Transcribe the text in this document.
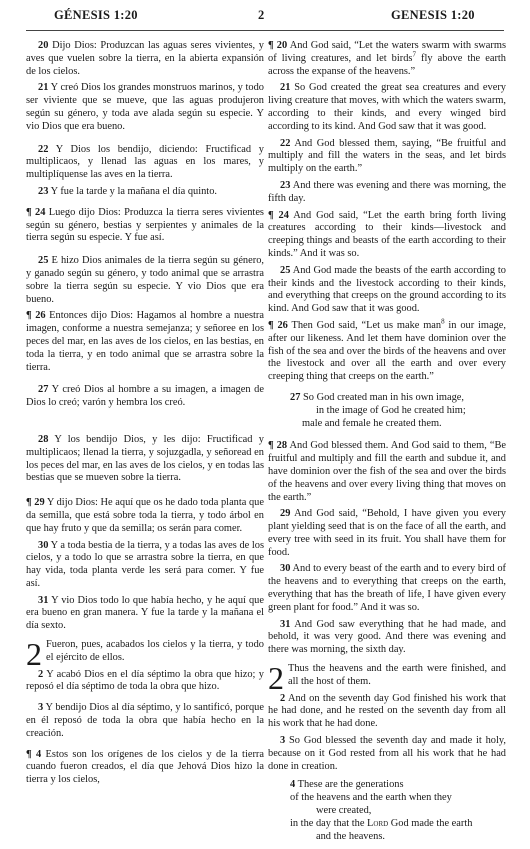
GÉNESIS 1:20	2	GENESIS 1:20

20 Dijo Dios: Produzcan las aguas seres vivientes, y aves que vuelen sobre la tierra, en la abierta expansión de los cielos.

21 Y creó Dios los grandes monstruos marinos, y todo ser viviente que se mueve, que las aguas produjeron según su género, y toda ave alada según su especie. Y vio Dios que era bueno.

22 Y Dios los bendijo, diciendo: Fructificad y multiplicaos, y llenad las aguas en los mares, y multiplíquense las aves en la tierra.

23 Y fue la tarde y la mañana el día quinto.

¶ 24 Luego dijo Dios: Produzca la tierra seres vivientes según su género, bestias y serpientes y animales de la tierra según su especie. Y fue así.

25 E hizo Dios animales de la tierra según su género, y ganado según su género, y todo animal que se arrastra sobre la tierra según su especie. Y vio Dios que era bueno.

¶ 26 Entonces dijo Dios: Hagamos al hombre a nuestra imagen, conforme a nuestra semejanza; y señoree en los peces del mar, en las aves de los cielos, en las bestias, en toda la tierra, y en todo animal que se arrastra sobre la tierra.

27 Y creó Dios al hombre a su imagen, a imagen de Dios lo creó; varón y hembra los creó.

28 Y los bendijo Dios, y les dijo: Fructificad y multiplicaos; llenad la tierra, y sojuzgadla, y señoread en los peces del mar, en las aves de los cielos, y en todas las bestias que se mueven sobre la tierra.

¶ 29 Y dijo Dios: He aquí que os he dado toda planta que da semilla, que está sobre toda la tierra, y todo árbol en que hay fruto y que da semilla; os serán para comer.

30 Y a toda bestia de la tierra, y a todas las aves de los cielos, y a todo lo que se arrastra sobre la tierra, en que hay vida, toda planta verde les será para comer. Y fue así.

31 Y vio Dios todo lo que había hecho, y he aquí que era bueno en gran manera. Y fue la tarde y la mañana el día sexto.

2 Fueron, pues, acabados los cielos y la tierra, y todo el ejército de ellos.

2 Y acabó Dios en el día séptimo la obra que hizo; y reposó el día séptimo de toda la obra que hizo.

3 Y bendijo Dios al día séptimo, y lo santificó, porque en él reposó de toda la obra que había hecho en la creación.

¶ 4 Estos son los orígenes de los cielos y de la tierra cuando fueron creados, el día que Jehová Dios hizo la tierra y los cielos,

¶ 20 And God said, “Let the waters swarm with swarms of living creatures, and let birds$^7$ fly above the earth across the expanse of the heavens.”

21 So God created the great sea creatures and every living creature that moves, with which the waters swarm, according to their kinds, and every winged bird according to its kind. And God saw that it was good.

22 And God blessed them, saying, “Be fruitful and multiply and fill the waters in the seas, and let birds multiply on the earth.”

23 And there was evening and there was morning, the fifth day.

¶ 24 And God said, “Let the earth bring forth living creatures according to their kinds—livestock and creeping things and beasts of the earth according to their kinds.” And it was so.

25 And God made the beasts of the earth according to their kinds and the livestock according to their kinds, and everything that creeps on the ground according to its kind. And God saw that it was good.

¶ 26 Then God said, “Let us make man$^8$ in our image, after our likeness. And let them have dominion over the fish of the sea and over the birds of the heavens and over the livestock and over all the earth and over every creeping thing that creeps on the earth.”

27 So God created man in his own image,
in the image of God he created him;
male and female he created them.

¶ 28 And God blessed them. And God said to them, “Be fruitful and multiply and fill the earth and subdue it, and have dominion over the fish of the sea and over the birds of the heavens and over every living thing that moves on the earth.”

29 And God said, “Behold, I have given you every plant yielding seed that is on the face of all the earth, and every tree with seed in its fruit. You shall have them for food.

30 And to every beast of the earth and to every bird of the heavens and to everything that creeps on the earth, everything that has the breath of life, I have given every green plant for food.” And it was so.

31 And God saw everything that he had made, and behold, it was very good. And there was evening and there was morning, the sixth day.

2 Thus the heavens and the earth were finished, and all the host of them.

2 And on the seventh day God finished his work that he had done, and he rested on the seventh day from all his work that he had done.

3 So God blessed the seventh day and made it holy, because on it God rested from all his work that he had done in creation.

4 These are the generations
of the heavens and the earth when they
were created,
in the day that the Lord God made the earth
and the heavens.
